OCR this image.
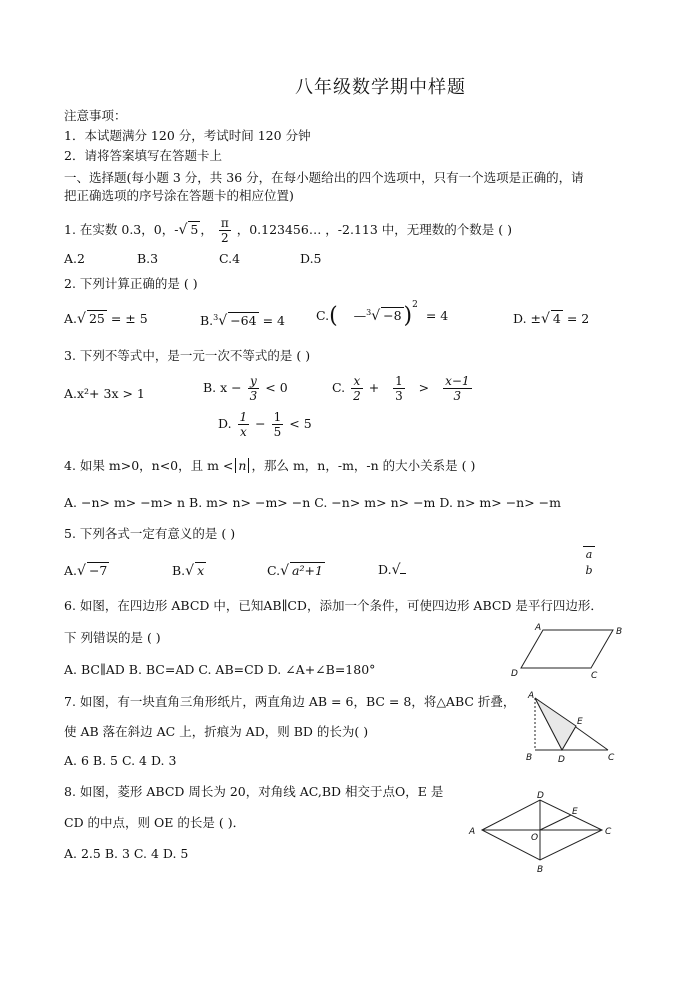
八年级数学期中样题
注意事项：
1．本试题满分 120 分，考试时间 120 分钟
2．请将答案填写在答题卡上
一、选择题(每小题 3 分，共 36 分，在每小题给出的四个选项中，只有一个选项是正确的，请
把正确选项的序号涂在答题卡的相应位置)
1. 在实数 0.3，0，-√ 5 ， $\frac{\pi}{2}$ ，0.123456… ，-2.113 中，无理数的个数是 ( )
A.2	B.3	C.4	D.5
2. 下列计算正确的是 ( )
A.√ 25 = ± 5	B.$^3$√ −64 = 4 C.(    —$^3$√ −8)$^2$  = 4	D. ±√ 4 = 2
3. 下列不等式中，是一元一次不等式的是 ( )
A.x²+ 3x > 1	B. $x - \frac{y}{3} < 0$	C. $\frac{x}{2} + \frac{1}{3} > \frac{x-1}{3}$
D. $\frac{1}{x} - \frac{1}{5} < 5$
4. 如果 m>0，n<0，且 m < n ，那么 m，n，-m，-n 的大小关系是 ( )
A. −n> m> −m> n B. m> n> −m> −n C. −n> m> n> −m D. n> m> −n> −m
5. 下列各式一定有意义的是 ( )
A.√ −7	B.√ x	C.√ a²+1	D.√
a
b
6. 如图，在四边形 ABCD 中，已知AB∥CD，添加一个条件，可使四边形 ABCD 是平行四边形．
下 列错误的是 ( )
A. BC∥AD B. BC=AD C. AB=CD D. ∠A+∠B=180°
A	B
C
D
7. 如图，有一块直角三角形纸片，两直角边 AB = 6，BC = 8，将△ABC 折叠，
使 AB 落在斜边 AC 上，折痕为 AD，则 BD 的长为( )
A. 6 B. 5 C. 4 D. 3
A
E
B	D	C
8. 如图，菱形 ABCD 周长为 20，对角线 AC,BD 相交于点O，E 是
CD 的中点，则 OE 的长是 ( )．
A. 2.5 B. 3 C. 4 D. 5
A
D
E
O
C
B
